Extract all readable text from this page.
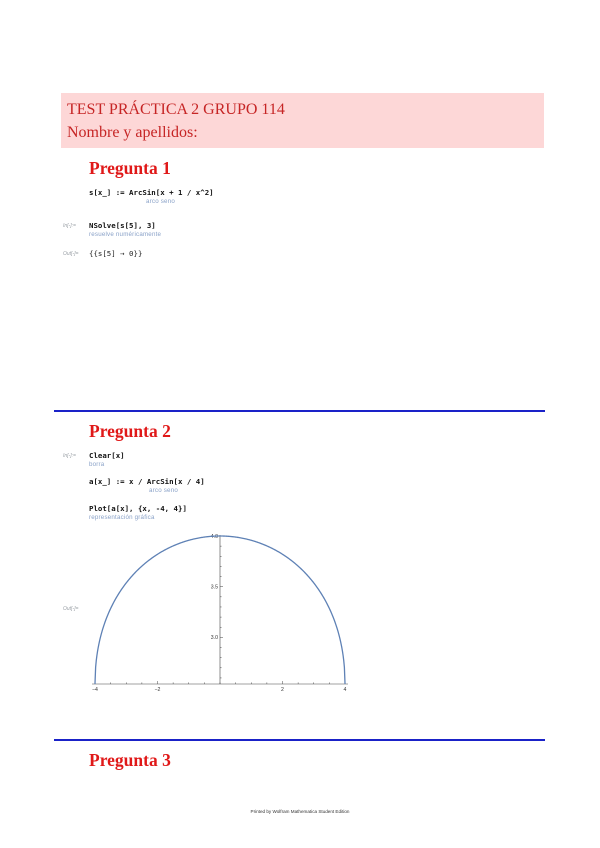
TEST PRÁCTICA 2 GRUPO 114
Nombre y apellidos:
Pregunta 1
s[x_] := ArcSin[x + 1 / x^2]
arco seno
In[-]:= NSolve[s[5], 3]
resuelve numéricamente
Out[-]= {{s[5] → 0}}
Pregunta 2
In[-]:= Clear[x]
borra
a[x_] := x / ArcSin[x / 4]
arco seno
Plot[a[x], {x, -4, 4}]
representación gráfica
Out[-]=
−4	−2	2	4
3.0
3.5
4.0
Pregunta 3
Printed by Wolfram Mathematica Student Edition
